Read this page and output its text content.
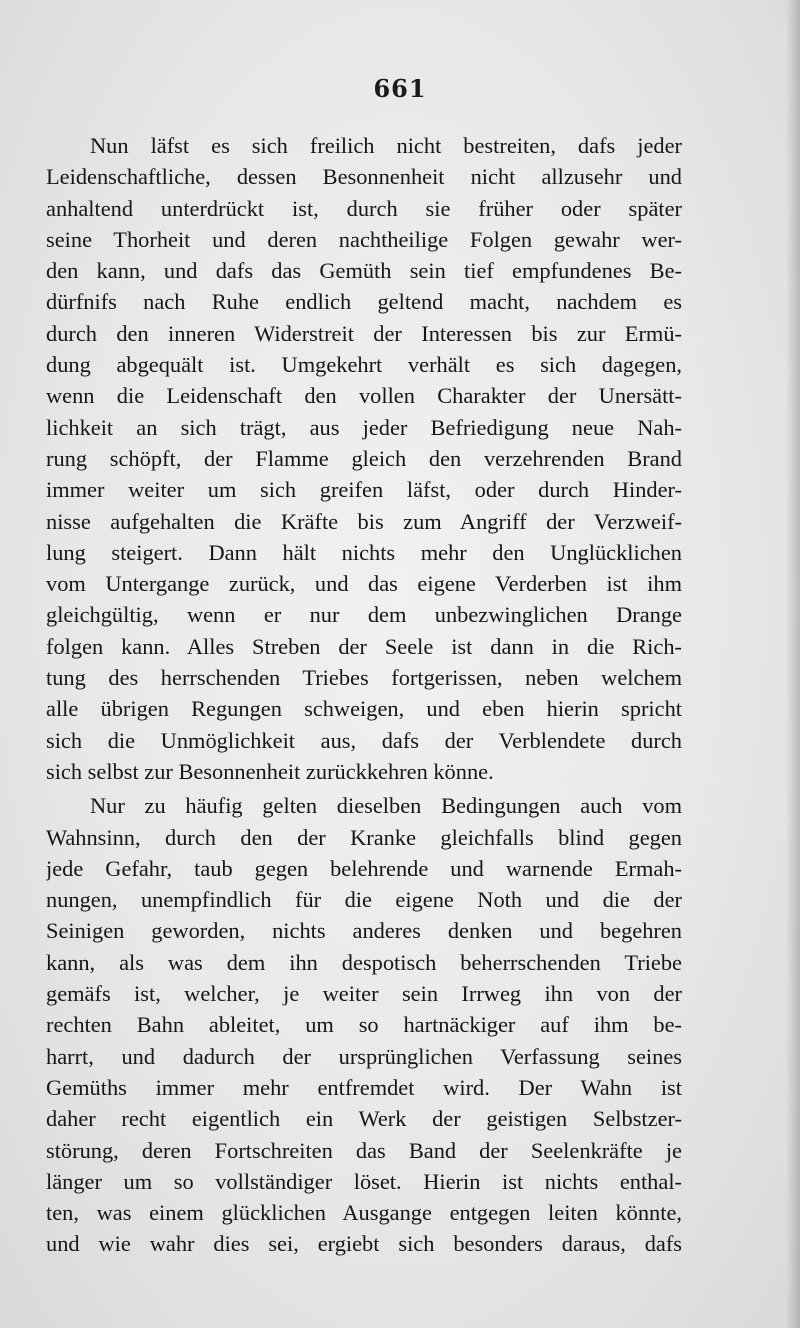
661
Nun läfst es sich freilich nicht bestreiten, dafs jeder
Leidenschaftliche, dessen Besonnenheit nicht allzusehr und
anhaltend unterdrückt ist, durch sie früher oder später
seine Thorheit und deren nachtheilige Folgen gewahr wer-
den kann, und dafs das Gemüth sein tief empfundenes Be-
dürfnifs nach Ruhe endlich geltend macht, nachdem es
durch den inneren Widerstreit der Interessen bis zur Ermü-
dung abgequält ist. Umgekehrt verhält es sich dagegen,
wenn die Leidenschaft den vollen Charakter der Unersätt-
lichkeit an sich trägt, aus jeder Befriedigung neue Nah-
rung schöpft, der Flamme gleich den verzehrenden Brand
immer weiter um sich greifen läfst, oder durch Hinder-
nisse aufgehalten die Kräfte bis zum Angriff der Verzweif-
lung steigert. Dann hält nichts mehr den Unglücklichen
vom Untergange zurück, und das eigene Verderben ist ihm
gleichgültig, wenn er nur dem unbezwinglichen Drange
folgen kann. Alles Streben der Seele ist dann in die Rich-
tung des herrschenden Triebes fortgerissen, neben welchem
alle übrigen Regungen schweigen, und eben hierin spricht
sich die Unmöglichkeit aus, dafs der Verblendete durch
sich selbst zur Besonnenheit zurückkehren könne.
Nur zu häufig gelten dieselben Bedingungen auch vom
Wahnsinn, durch den der Kranke gleichfalls blind gegen
jede Gefahr, taub gegen belehrende und warnende Ermah-
nungen, unempfindlich für die eigene Noth und die der
Seinigen geworden, nichts anderes denken und begehren
kann, als was dem ihn despotisch beherrschenden Triebe
gemäfs ist, welcher, je weiter sein Irrweg ihn von der
rechten Bahn ableitet, um so hartnäckiger auf ihm be-
harrt, und dadurch der ursprünglichen Verfassung seines
Gemüths immer mehr entfremdet wird. Der Wahn ist
daher recht eigentlich ein Werk der geistigen Selbstzer-
störung, deren Fortschreiten das Band der Seelenkräfte je
länger um so vollständiger löset. Hierin ist nichts enthal-
ten, was einem glücklichen Ausgange entgegen leiten könnte,
und wie wahr dies sei, ergiebt sich besonders daraus, dafs
